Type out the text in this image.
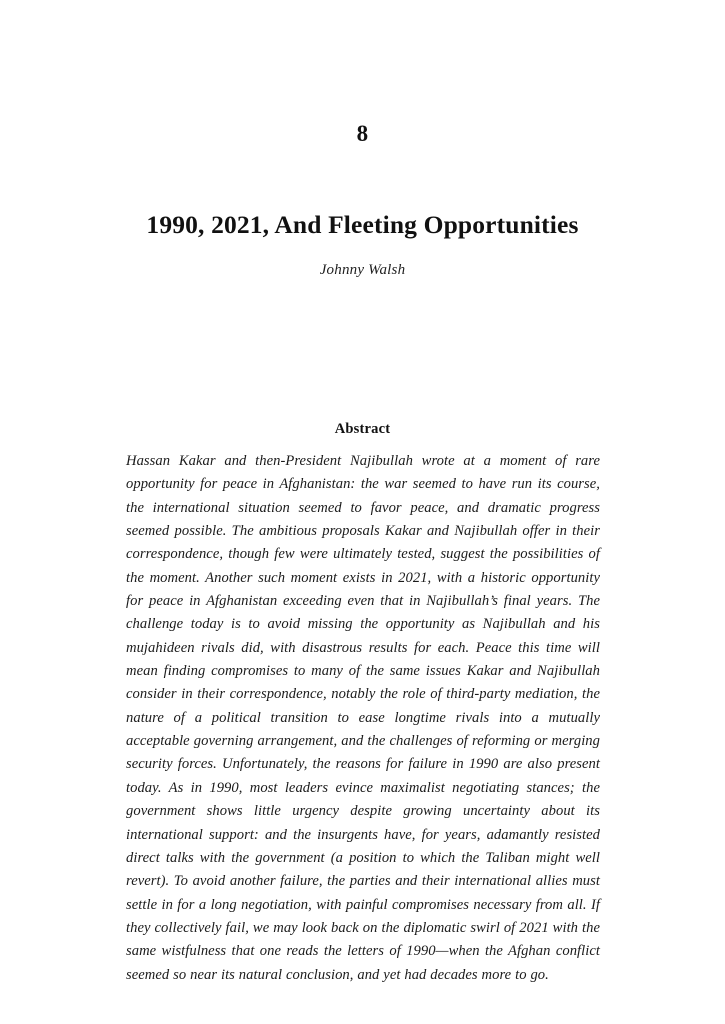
8
1990, 2021, And Fleeting Opportunities
Johnny Walsh
Abstract

Hassan Kakar and then-President Najibullah wrote at a moment of rare opportunity for peace in Afghanistan: the war seemed to have run its course, the international situation seemed to favor peace, and dramatic progress seemed possible. The ambitious proposals Kakar and Najibullah offer in their correspondence, though few were ultimately tested, suggest the possibilities of the moment. Another such moment exists in 2021, with a historic opportunity for peace in Afghanistan exceeding even that in Najibullah’s final years. The challenge today is to avoid missing the opportunity as Najibullah and his mujahideen rivals did, with disastrous results for each. Peace this time will mean finding compromises to many of the same issues Kakar and Najibullah consider in their correspondence, notably the role of third-party mediation, the nature of a political transition to ease longtime rivals into a mutually acceptable governing arrangement, and the challenges of reforming or merging security forces. Unfortunately, the reasons for failure in 1990 are also present today. As in 1990, most leaders evince maximalist negotiating stances; the government shows little urgency despite growing uncertainty about its international support: and the insurgents have, for years, adamantly resisted direct talks with the government (a position to which the Taliban might well revert). To avoid another failure, the parties and their international allies must settle in for a long negotiation, with painful compromises necessary from all. If they collectively fail, we may look back on the diplomatic swirl of 2021 with the same wistfulness that one reads the letters of 1990—when the Afghan conflict seemed so near its natural conclusion, and yet had decades more to go.
